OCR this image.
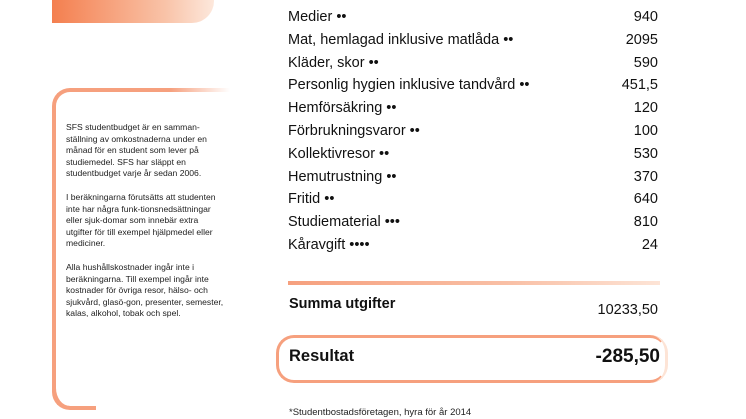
SFS studentbudget är en samman-ställning av omkostnaderna under en månad för en student som lever på studiemedel. SFS har släppt en studentbudget varje år sedan 2006.

I beräkningarna förutsätts att studenten inte har några funk-tionsnedsättningar eller sjuk-domar som innebär extra utgifter för till exempel hjälpmedel eller mediciner.

Alla hushållskostnader ingår inte i beräkningarna. Till exempel ingår inte kostnader för övriga resor, hälso- och sjukvård, glasö-gon, presenter, semester, kalas, alkohol, tobak och spel.

Medier ••	940
Mat, hemlagad inklusive matlåda ••	2095
Kläder, skor ••	590
Personlig hygien inklusive tandvård ••	451,5
Hemförsäkring ••	120
Förbrukningsvaror ••	100
Kollektivresor ••	530
Hemutrustning ••	370
Fritid ••	640
Studiematerial •••	810
Kåravgift ••••	24
Summa utgifter	10233,50
Resultat	-285,50
*Studentbostadsföretagen, hyra för år 2014
